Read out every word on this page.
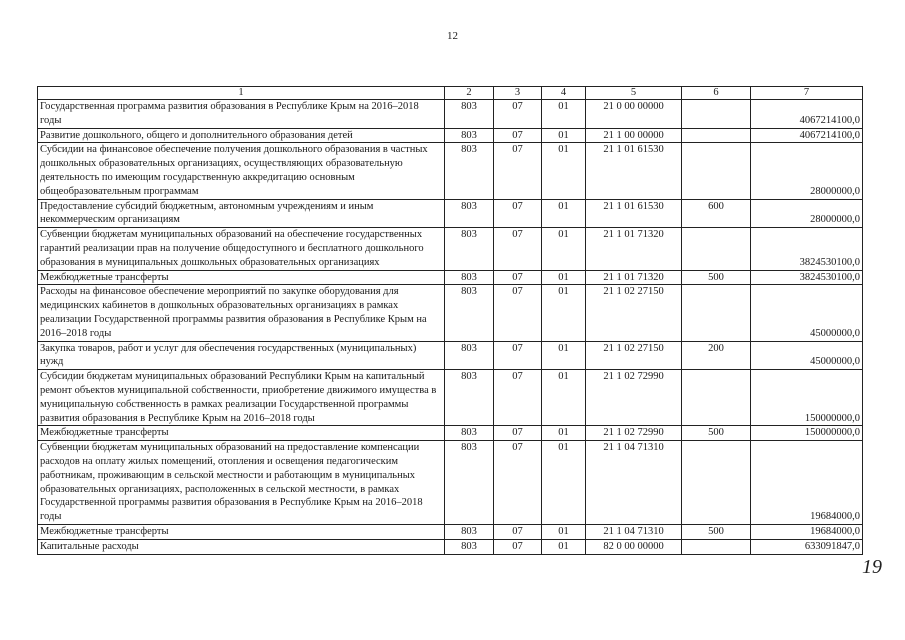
12
1	2	3	4	5	6	7
Государственная программа развития образования в Республике Крым на 2016–2018 годы	803	07	01	21 0 00 00000		4067214100,0
Развитие дошкольного, общего и дополнительного образования детей	803	07	01	21 1 00 00000		4067214100,0
Субсидии на финансовое обеспечение получения дошкольного образования в частных дошкольных образовательных организациях, осуществляющих образовательную деятельность по имеющим государственную аккредитацию основным общеобразовательным программам	803	07	01	21 1 01 61530		28000000,0
Предоставление субсидий бюджетным, автономным учреждениям и иным некоммерческим организациям	803	07	01	21 1 01 61530	600	28000000,0
Субвенции бюджетам муниципальных образований на обеспечение государственных гарантий реализации прав на получение общедоступного и бесплатного дошкольного образования в муниципальных дошкольных образовательных организациях	803	07	01	21 1 01 71320		3824530100,0
Межбюджетные трансферты	803	07	01	21 1 01 71320	500	3824530100,0
Расходы на финансовое обеспечение мероприятий по закупке оборудования для медицинских кабинетов в дошкольных образовательных организациях в рамках реализации Государственной программы развития образования в Республике Крым на 2016–2018 годы	803	07	01	21 1 02 27150		45000000,0
Закупка товаров, работ и услуг для обеспечения государственных (муниципальных) нужд	803	07	01	21 1 02 27150	200	45000000,0
Субсидии бюджетам муниципальных образований Республики Крым на капитальный ремонт объектов муниципальной собственности, приобретение движимого имущества в муниципальную собственность в рамках реализации Государственной программы развития образования в Республике Крым на 2016–2018 годы	803	07	01	21 1 02 72990		150000000,0
Межбюджетные трансферты	803	07	01	21 1 02 72990	500	150000000,0
Субвенции бюджетам муниципальных образований на предоставление компенсации расходов на оплату жилых помещений, отопления и освещения педагогическим работникам, проживающим в сельской местности и работающим в муниципальных образовательных организациях, расположенных в сельской местности, в рамках Государственной программы развития образования в Республике Крым на 2016–2018 годы	803	07	01	21 1 04 71310		19684000,0
Межбюджетные трансферты	803	07	01	21 1 04 71310	500	19684000,0
Капитальные расходы	803	07	01	82 0 00 00000		633091847,0
19
